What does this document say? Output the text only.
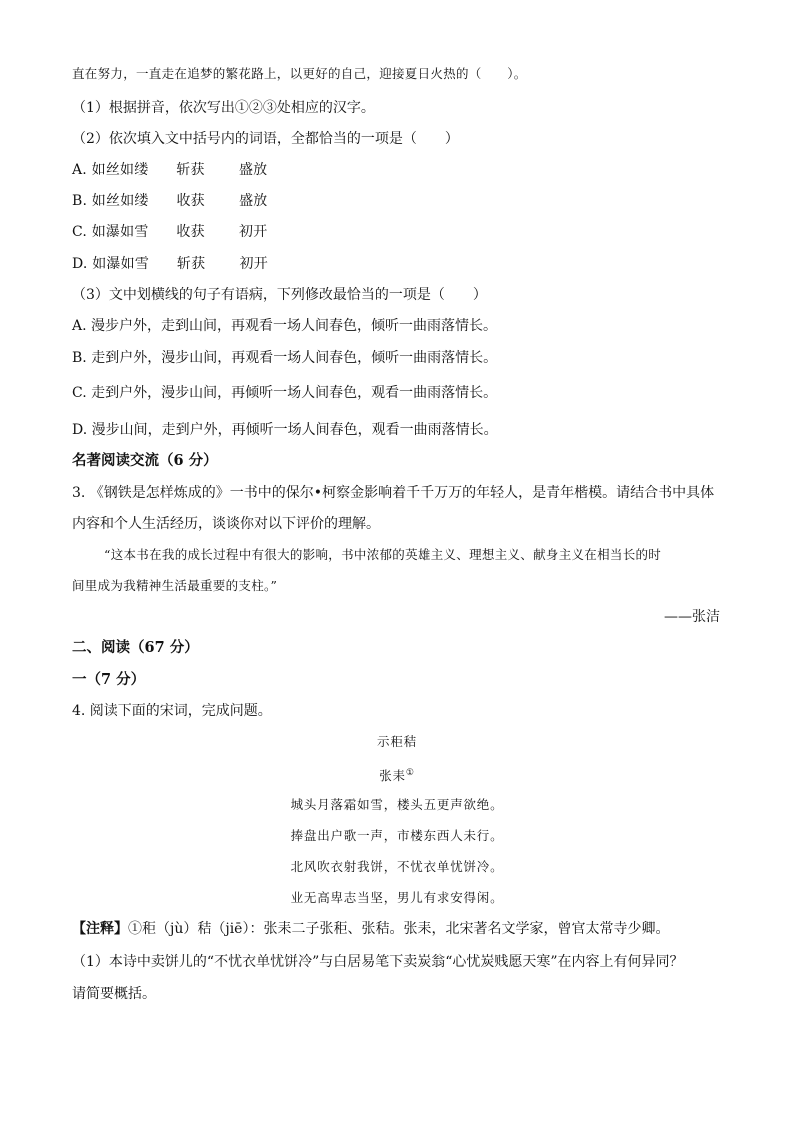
直在努力，一直走在追梦的繁花路上，以更好的自己，迎接夏日火热的（　　）。
（1）根据拼音，依次写出①②③处相应的汉字。
（2）依次填入文中括号内的词语，全都恰当的一项是（　　）
A. 如丝如缕 斩获 盛放
B. 如丝如缕 收获 盛放
C. 如瀑如雪 收获 初开
D. 如瀑如雪 斩获 初开
（3）文中划横线的句子有语病，下列修改最恰当的一项是（　　）
A. 漫步户外，走到山间，再观看一场人间春色，倾听一曲雨落情长。
B. 走到户外，漫步山间，再观看一场人间春色，倾听一曲雨落情长。
C. 走到户外，漫步山间，再倾听一场人间春色，观看一曲雨落情长。
D. 漫步山间，走到户外，再倾听一场人间春色，观看一曲雨落情长。
名著阅读交流（6 分）
3. 《钢铁是怎样炼成的》一书中的保尔•柯察金影响着千千万万的年轻人，是青年楷模。请结合书中具体
内容和个人生活经历，谈谈你对以下评价的理解。
“这本书在我的成长过程中有很大的影响，书中浓郁的英雄主义、理想主义、献身主义在相当长的时
间里成为我精神生活最重要的支柱。”
——张洁
二、阅读（67 分）
一（7 分）
4. 阅读下面的宋词，完成问题。
示秬秸
张耒①
城头月落霜如雪，楼头五更声欲绝。
捧盘出户歌一声，市楼东西人未行。
北风吹衣射我饼，不忧衣单忧饼冷。
业无高卑志当坚，男儿有求安得闲。
【注释】①秬（jù）秸（jiē）：张耒二子张秬、张秸。张耒，北宋著名文学家，曾官太常寺少卿。
（1）本诗中卖饼儿的“不忧衣单忧饼冷”与白居易笔下卖炭翁“心忧炭贱愿天寒”在内容上有何异同？
请简要概括。
